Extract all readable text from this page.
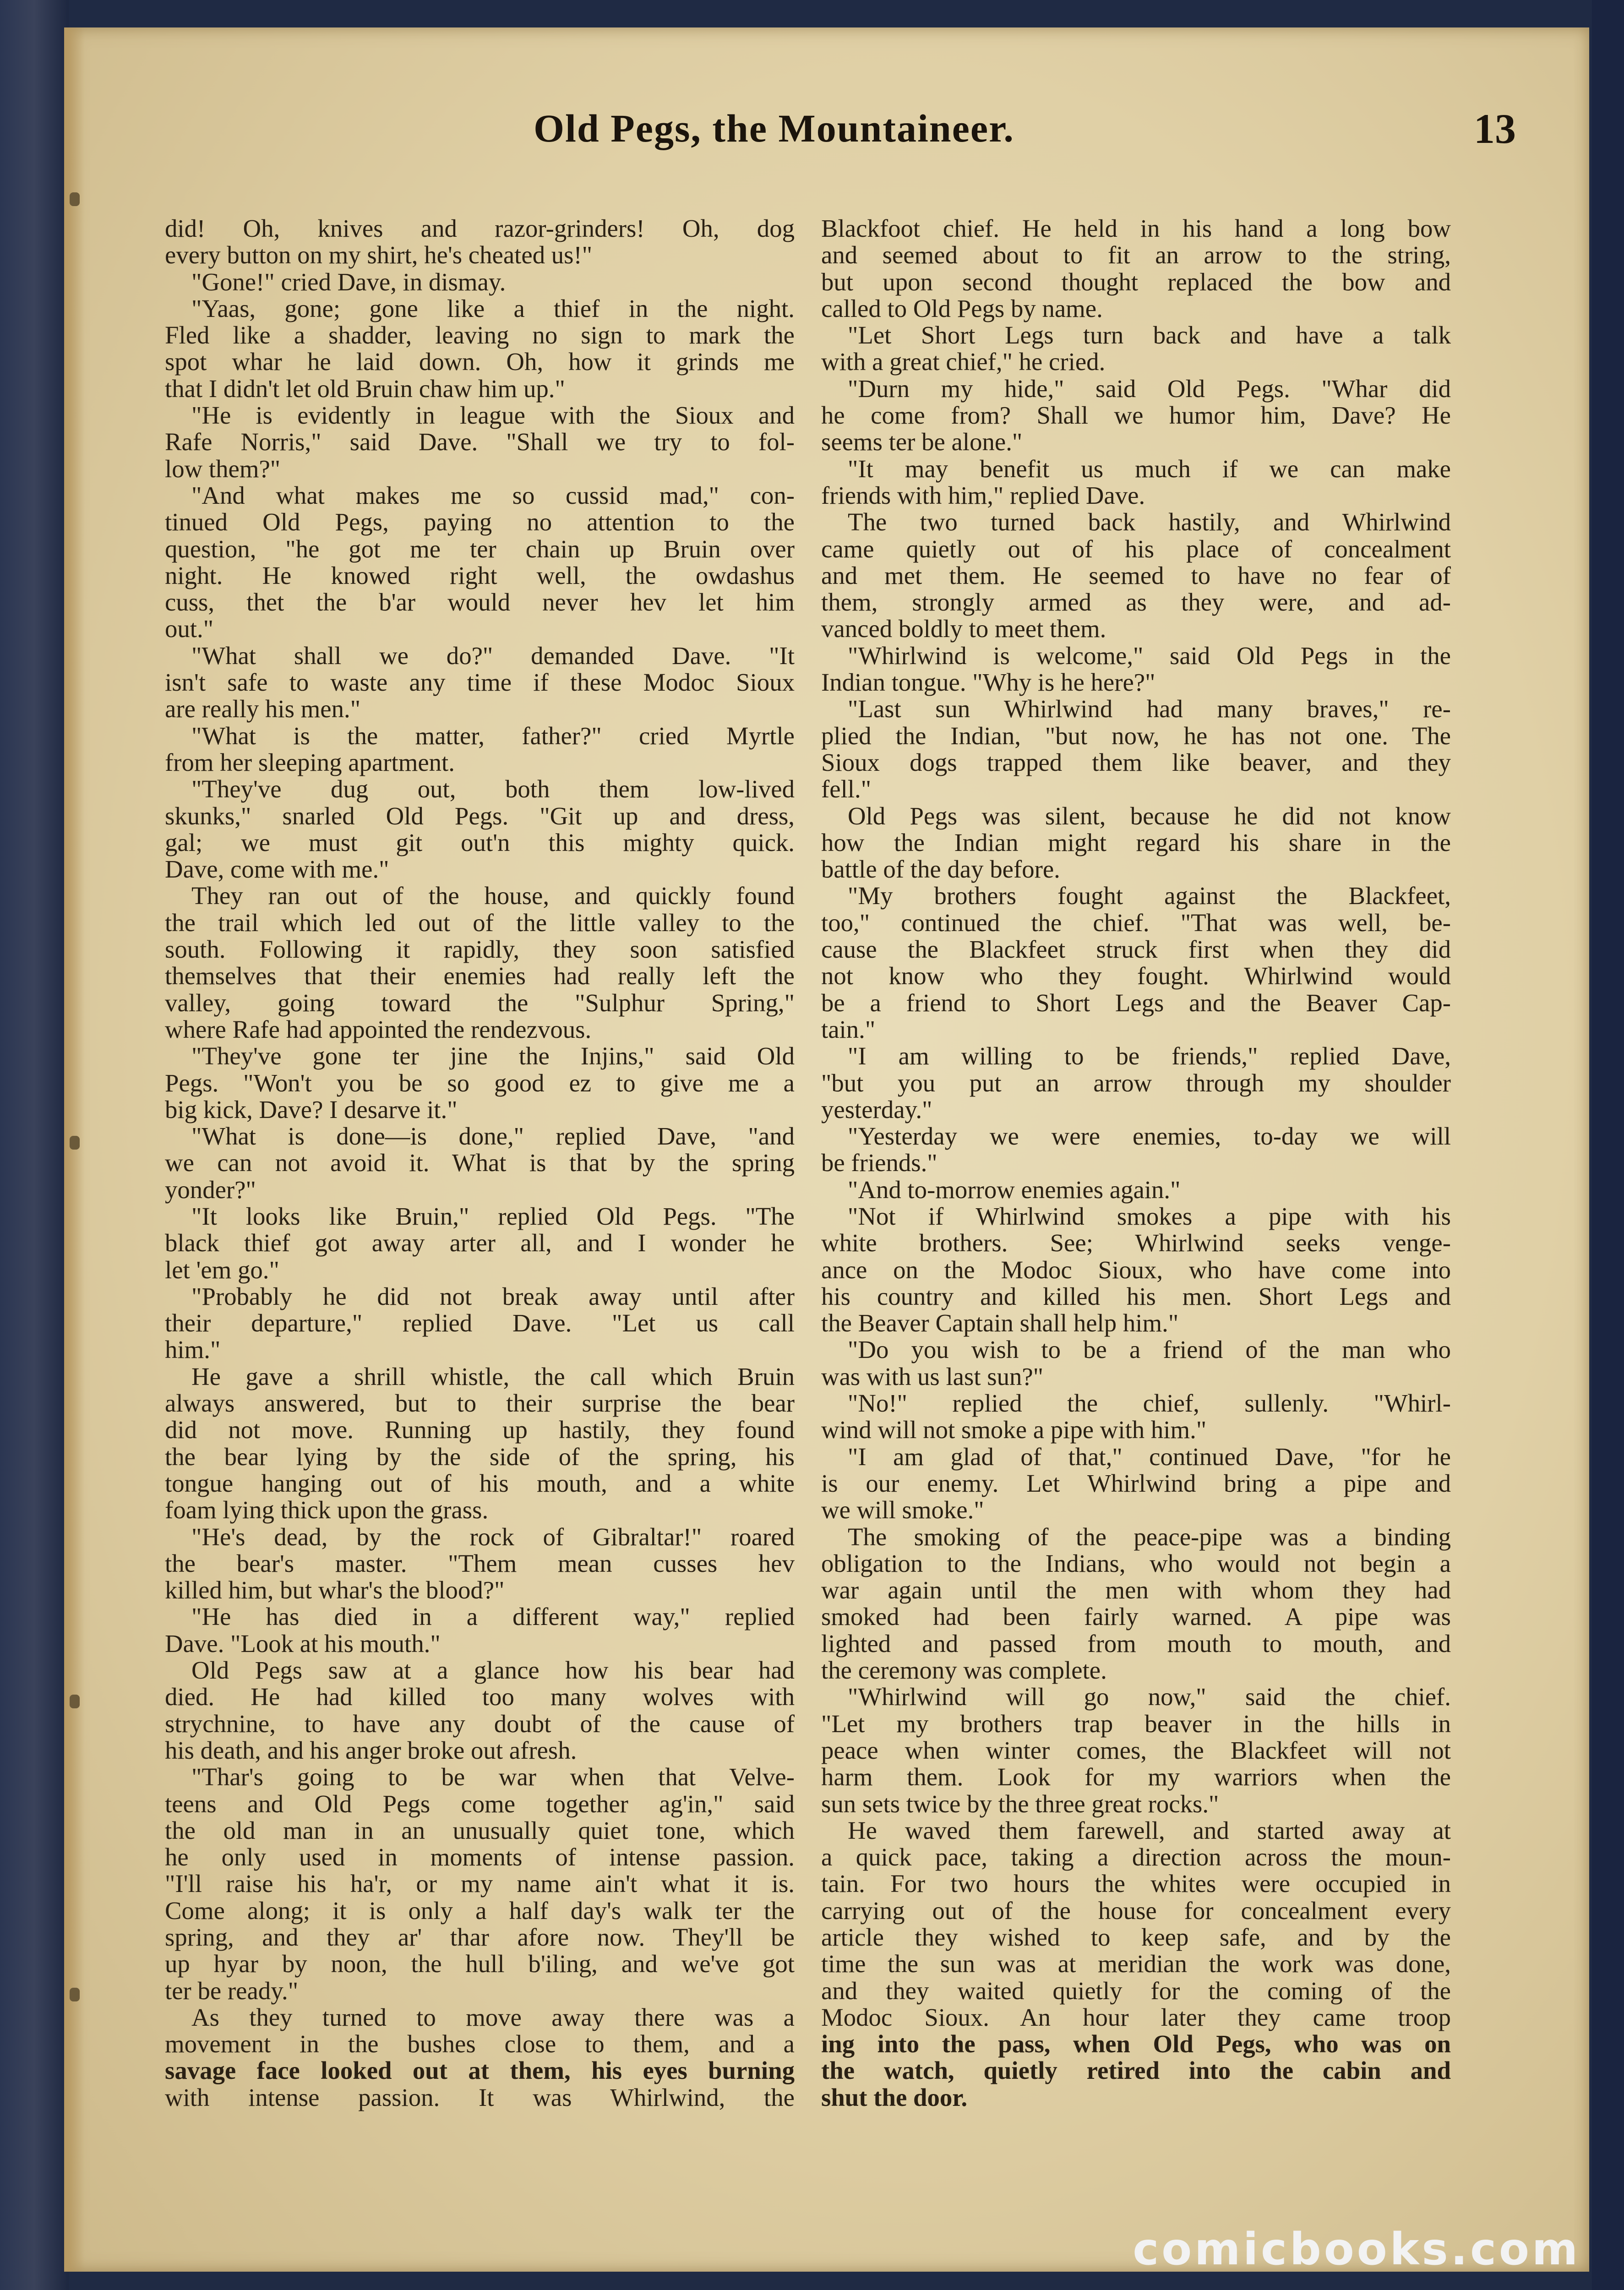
Old Pegs, the Mountaineer.	13
did! Oh, knives and razor-grinders! Oh, dog
every button on my shirt, he's cheated us!"
"Gone!" cried Dave, in dismay.
"Yaas, gone; gone like a thief in the night.
Fled like a shadder, leaving no sign to mark the
spot whar he laid down. Oh, how it grinds me
that I didn't let old Bruin chaw him up."
"He is evidently in league with the Sioux and
Rafe Norris," said Dave. "Shall we try to fol-
low them?"
"And what makes me so cussid mad," con-
tinued Old Pegs, paying no attention to the
question, "he got me ter chain up Bruin over
night. He knowed right well, the owdashus
cuss, thet the b'ar would never hev let him
out."
"What shall we do?" demanded Dave. "It
isn't safe to waste any time if these Modoc Sioux
are really his men."
"What is the matter, father?" cried Myrtle
from her sleeping apartment.
"They've dug out, both them low-lived
skunks," snarled Old Pegs. "Git up and dress,
gal; we must git out'n this mighty quick.
Dave, come with me."
They ran out of the house, and quickly found
the trail which led out of the little valley to the
south. Following it rapidly, they soon satisfied
themselves that their enemies had really left the
valley, going toward the "Sulphur Spring,"
where Rafe had appointed the rendezvous.
"They've gone ter jine the Injins," said Old
Pegs. "Won't you be so good ez to give me a
big kick, Dave? I desarve it."
"What is done—is done," replied Dave, "and
we can not avoid it. What is that by the spring
yonder?"
"It looks like Bruin," replied Old Pegs. "The
black thief got away arter all, and I wonder he
let 'em go."
"Probably he did not break away until after
their departure," replied Dave. "Let us call
him."
He gave a shrill whistle, the call which Bruin
always answered, but to their surprise the bear
did not move. Running up hastily, they found
the bear lying by the side of the spring, his
tongue hanging out of his mouth, and a white
foam lying thick upon the grass.
"He's dead, by the rock of Gibraltar!" roared
the bear's master. "Them mean cusses hev
killed him, but whar's the blood?"
"He has died in a different way," replied
Dave. "Look at his mouth."
Old Pegs saw at a glance how his bear had
died. He had killed too many wolves with
strychnine, to have any doubt of the cause of
his death, and his anger broke out afresh.
"Thar's going to be war when that Velve-
teens and Old Pegs come together ag'in," said
the old man in an unusually quiet tone, which
he only used in moments of intense passion.
"I'll raise his ha'r, or my name ain't what it is.
Come along; it is only a half day's walk ter the
spring, and they ar' thar afore now. They'll be
up hyar by noon, the hull b'iling, and we've got
ter be ready."
As they turned to move away there was a
movement in the bushes close to them, and a
savage face looked out at them, his eyes burning
with intense passion. It was Whirlwind, the
Blackfoot chief. He held in his hand a long bow
and seemed about to fit an arrow to the string,
but upon second thought replaced the bow and
called to Old Pegs by name.
"Let Short Legs turn back and have a talk
with a great chief," he cried.
"Durn my hide," said Old Pegs. "Whar did
he come from? Shall we humor him, Dave? He
seems ter be alone."
"It may benefit us much if we can make
friends with him," replied Dave.
The two turned back hastily, and Whirlwind
came quietly out of his place of concealment
and met them. He seemed to have no fear of
them, strongly armed as they were, and ad-
vanced boldly to meet them.
"Whirlwind is welcome," said Old Pegs in the
Indian tongue. "Why is he here?"
"Last sun Whirlwind had many braves," re-
plied the Indian, "but now, he has not one. The
Sioux dogs trapped them like beaver, and they
fell."
Old Pegs was silent, because he did not know
how the Indian might regard his share in the
battle of the day before.
"My brothers fought against the Blackfeet,
too," continued the chief. "That was well, be-
cause the Blackfeet struck first when they did
not know who they fought. Whirlwind would
be a friend to Short Legs and the Beaver Cap-
tain."
"I am willing to be friends," replied Dave,
"but you put an arrow through my shoulder
yesterday."
"Yesterday we were enemies, to-day we will
be friends."
"And to-morrow enemies again."
"Not if Whirlwind smokes a pipe with his
white brothers. See; Whirlwind seeks venge-
ance on the Modoc Sioux, who have come into
his country and killed his men. Short Legs and
the Beaver Captain shall help him."
"Do you wish to be a friend of the man who
was with us last sun?"
"No!" replied the chief, sullenly. "Whirl-
wind will not smoke a pipe with him."
"I am glad of that," continued Dave, "for he
is our enemy. Let Whirlwind bring a pipe and
we will smoke."
The smoking of the peace-pipe was a binding
obligation to the Indians, who would not begin a
war again until the men with whom they had
smoked had been fairly warned. A pipe was
lighted and passed from mouth to mouth, and
the ceremony was complete.
"Whirlwind will go now," said the chief.
"Let my brothers trap beaver in the hills in
peace when winter comes, the Blackfeet will not
harm them. Look for my warriors when the
sun sets twice by the three great rocks."
He waved them farewell, and started away at
a quick pace, taking a direction across the moun-
tain. For two hours the whites were occupied in
carrying out of the house for concealment every
article they wished to keep safe, and by the
time the sun was at meridian the work was done,
and they waited quietly for the coming of the
Modoc Sioux. An hour later they came troop
ing into the pass, when Old Pegs, who was on
the watch, quietly retired into the cabin and
shut the door.
comicbooks.com
